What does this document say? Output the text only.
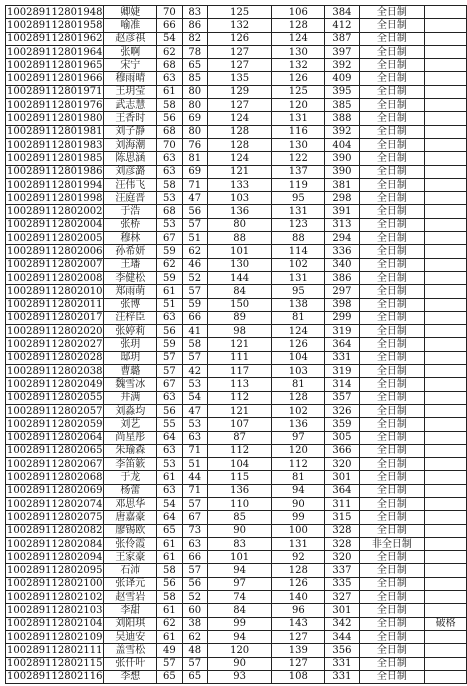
100289112801948	卿婕	70	83	125	106	384	全日制	
100289112801958	喻准	66	86	132	128	412	全日制	
100289112801962	赵彦祺	54	82	126	124	387	全日制	
100289112801964	张啊	62	78	127	130	397	全日制	
100289112801965	宋宁	68	65	127	132	392	全日制	
100289112801966	穆雨晴	63	85	135	126	409	全日制	
100289112801971	王玥莹	61	80	129	125	395	全日制	
100289112801976	武志慧	58	80	127	120	385	全日制	
100289112801980	王香时	56	69	124	131	388	全日制	
100289112801981	刘子静	68	80	128	116	392	全日制	
100289112801983	刘海潮	70	76	128	130	404	全日制	
100289112801985	陈思涵	63	81	124	122	390	全日制	
100289112801986	刘彦潞	63	69	121	137	390	全日制	
100289112801994	汪伟飞	58	71	133	119	381	全日制	
100289112801998	汪庭晋	53	47	103	95	298	全日制	
100289112802002	于浩	68	56	136	131	391	全日制	
100289112802004	张桥	53	57	80	123	313	全日制	
100289112802005	穆林	67	51	88	88	294	全日制	
100289112802006	孙希妍	59	62	101	114	336	全日制	
100289112802007	王璠	62	46	130	102	340	全日制	
100289112802008	李健松	59	52	144	131	386	全日制	
100289112802010	郑雨萌	61	57	84	95	297	全日制	
100289112802011	张博	51	59	150	138	398	全日制	
100289112802017	汪梓臣	63	66	89	81	299	全日制	
100289112802020	张婷莉	56	41	98	124	319	全日制	
100289112802027	张玥	59	58	121	126	364	全日制	
100289112802028	邸玥	57	57	111	104	331	全日制	
100289112802038	曹璐	57	42	117	103	319	全日制	
100289112802049	魏雪冰	67	53	113	81	314	全日制	
100289112802055	井满	63	54	112	128	357	全日制	
100289112802057	刘淼均	56	47	121	102	326	全日制	
100289112802059	刘艺	55	53	107	136	359	全日制	
100289112802064	尚星彤	64	63	87	97	305	全日制	
100289112802065	朱瑜森	63	71	112	120	366	全日制	
100289112802067	李笛簌	53	51	104	112	320	全日制	
100289112802068	于龙	61	44	115	81	301	全日制	
100289112802069	杨蕾	63	71	136	94	364	全日制	
100289112802074	邓思华	54	57	110	90	311	全日制	
100289112802075	唐嘉豪	64	67	85	99	315	全日制	
100289112802082	廖锡欧	65	73	90	100	328	全日制	
100289112802084	张伶霞	61	63	83	131	328	非全日制	
100289112802094	王家豪	61	66	101	92	320	全日制	
100289112802095	石沛	58	57	94	128	337	全日制	
100289112802100	张译元	56	56	97	126	335	全日制	
100289112802102	赵雪岩	58	52	74	140	327	全日制	
100289112802103	李甜	61	60	84	96	301	全日制	
100289112802104	刘阳琪	62	38	99	143	342	全日制	破格
100289112802109	吴迪安	61	62	94	127	344	全日制	
100289112802111	盖雪松	49	48	120	139	356	全日制	
100289112802115	张仟叶	57	57	90	127	331	全日制	
100289112802116	李想	65	65	93	108	331	全日制	
